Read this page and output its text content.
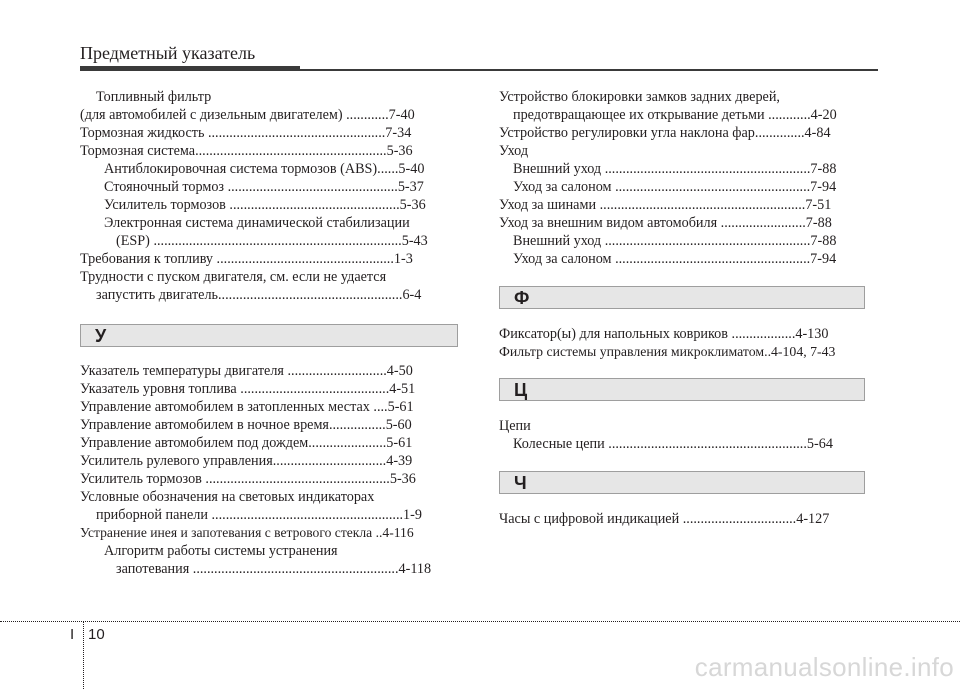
Предметный указатель
Топливный фильтр
(для автомобилей с дизельным двигателем) ............7-40
Тормозная жидкость ..................................................7-34
Тормозная система......................................................5-36
Антиблокировочная система тормозов (ABS)......5-40
Стояночный тормоз ................................................5-37
Усилитель тормозов ................................................5-36
Электронная система динамической стабилизации
(ESP) ......................................................................5-43
Требования к топливу ..................................................1-3
Трудности с пуском двигателя, см. если не удается
запустить двигатель....................................................6-4
У
Указатель температуры двигателя ............................4-50
Указатель уровня топлива ..........................................4-51
Управление автомобилем в затопленных местах ....5-61
Управление автомобилем в ночное время................5-60
Управление автомобилем под дождем......................5-61
Усилитель рулевого управления................................4-39
Усилитель тормозов ....................................................5-36
Условные обозначения на световых индикаторах
приборной панели ......................................................1-9
Устранение инея и запотевания с ветрового стекла ..4-116
Алгоритм работы системы устранения
запотевания ..........................................................4-118
Устройство блокировки замков задних дверей,
предотвращающее их открывание детьми ............4-20
Устройство регулировки угла наклона фар..............4-84
Уход
Внешний уход ..........................................................7-88
Уход за салоном .......................................................7-94
Уход за шинами ..........................................................7-51
Уход за внешним видом автомобиля ........................7-88
Внешний уход ..........................................................7-88
Уход за салоном .......................................................7-94
Ф
Фиксатор(ы) для напольных ковриков ..................4-130
Фильтр системы управления микроклиматом..4-104, 7-43
Ц
Цепи
Колесные цепи ........................................................5-64
Ч
Часы с цифровой индикацией ................................4-127
I 10
carmanualsonline.info
